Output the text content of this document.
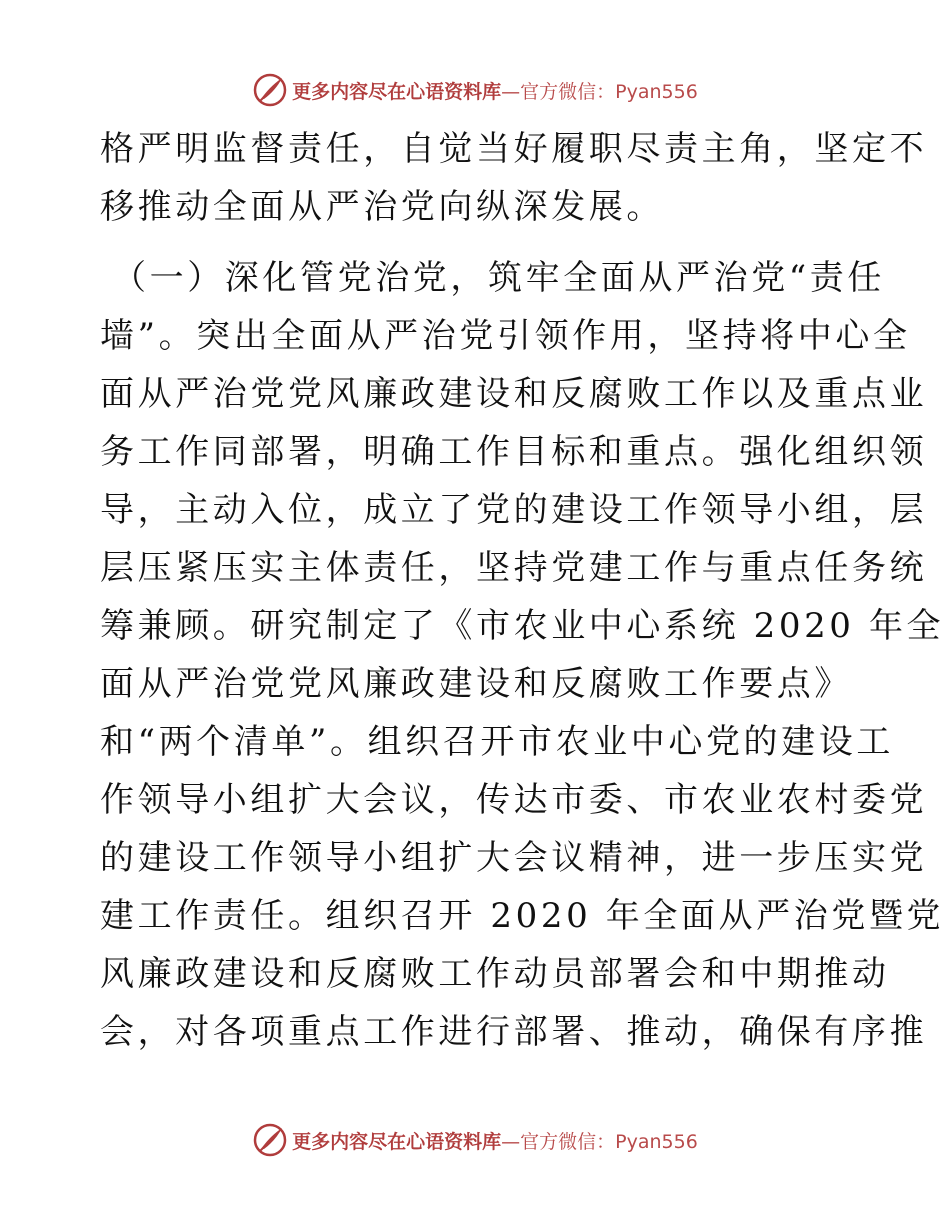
更多内容尽在心语资料库—官方微信：Pyan556
格严明监督责任，自觉当好履职尽责主角，坚定不
移推动全面从严治党向纵深发展。
（一）深化管党治党，筑牢全面从严治党“责任
墙”。突出全面从严治党引领作用，坚持将中心全
面从严治党党风廉政建设和反腐败工作以及重点业
务工作同部署，明确工作目标和重点。强化组织领
导，主动入位，成立了党的建设工作领导小组，层
层压紧压实主体责任，坚持党建工作与重点任务统
筹兼顾。研究制定了《市农业中心系统 2020 年全
面从严治党党风廉政建设和反腐败工作要点》
和“两个清单”。组织召开市农业中心党的建设工
作领导小组扩大会议，传达市委、市农业农村委党
的建设工作领导小组扩大会议精神，进一步压实党
建工作责任。组织召开 2020 年全面从严治党暨党
风廉政建设和反腐败工作动员部署会和中期推动
会，对各项重点工作进行部署、推动，确保有序推
更多内容尽在心语资料库—官方微信：Pyan556
